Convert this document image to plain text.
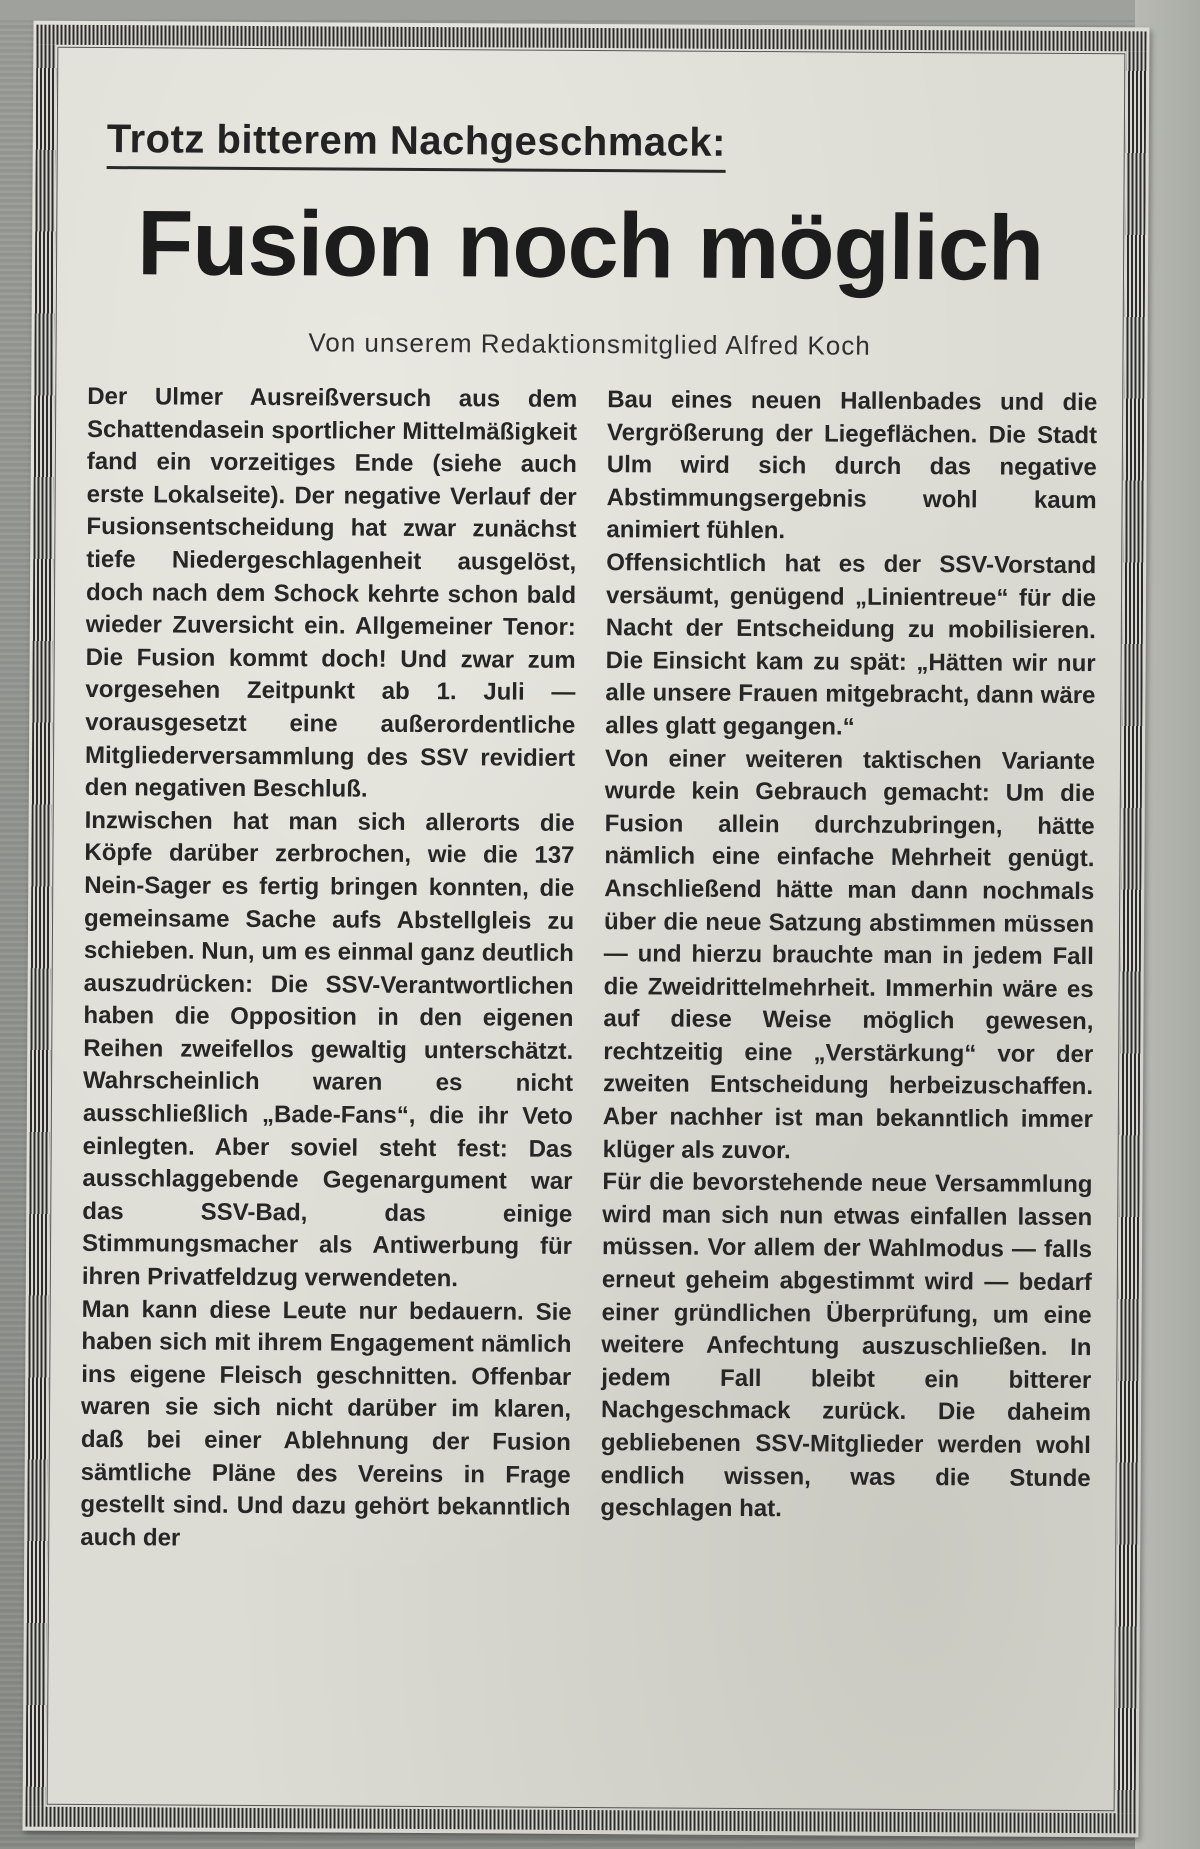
Trotz bitterem Nachgeschmack:
Fusion noch möglich
Von unserem Redaktionsmitglied Alfred Koch

Der Ulmer Ausreißversuch aus dem Schattendasein sportlicher Mittelmäßigkeit fand ein vorzeitiges Ende (siehe auch erste Lokalseite). Der negative Verlauf der Fusionsentscheidung hat zwar zunächst tiefe Niedergeschlagenheit ausgelöst, doch nach dem Schock kehrte schon bald wieder Zuversicht ein. Allgemeiner Tenor: Die Fusion kommt doch! Und zwar zum vorgesehen Zeitpunkt ab 1. Juli — vorausgesetzt eine außerordentliche Mitgliederversammlung des SSV revidiert den negativen Beschluß.

Inzwischen hat man sich allerorts die Köpfe darüber zerbrochen, wie die 137 Nein-Sager es fertig bringen konnten, die gemeinsame Sache aufs Abstellgleis zu schieben. Nun, um es einmal ganz deutlich auszudrücken: Die SSV-Verantwortlichen haben die Opposition in den eigenen Reihen zweifellos gewaltig unterschätzt. Wahrscheinlich waren es nicht ausschließlich „Bade-Fans“, die ihr Veto einlegten. Aber soviel steht fest: Das ausschlaggebende Gegenargument war das SSV-Bad, das einige Stimmungsmacher als Antiwerbung für ihren Privatfeldzug verwendeten.

Man kann diese Leute nur bedauern. Sie haben sich mit ihrem Engagement nämlich ins eigene Fleisch geschnitten. Offenbar waren sie sich nicht darüber im klaren, daß bei einer Ablehnung der Fusion sämtliche Pläne des Vereins in Frage gestellt sind. Und dazu gehört bekanntlich auch der

Bau eines neuen Hallenbades und die Vergrößerung der Liegeflächen. Die Stadt Ulm wird sich durch das negative Abstimmungsergebnis wohl kaum animiert fühlen.

Offensichtlich hat es der SSV-Vorstand versäumt, genügend „Linientreue“ für die Nacht der Entscheidung zu mobilisieren. Die Einsicht kam zu spät: „Hätten wir nur alle unsere Frauen mitgebracht, dann wäre alles glatt gegangen.“

Von einer weiteren taktischen Variante wurde kein Gebrauch gemacht: Um die Fusion allein durchzubringen, hätte nämlich eine einfache Mehrheit genügt. Anschließend hätte man dann nochmals über die neue Satzung abstimmen müssen — und hierzu brauchte man in jedem Fall die Zweidrittelmehrheit. Immerhin wäre es auf diese Weise möglich gewesen, rechtzeitig eine „Verstärkung“ vor der zweiten Entscheidung herbeizuschaffen. Aber nachher ist man bekanntlich immer klüger als zuvor.

Für die bevorstehende neue Versammlung wird man sich nun etwas einfallen lassen müssen. Vor allem der Wahlmodus — falls erneut geheim abgestimmt wird — bedarf einer gründlichen Überprüfung, um eine weitere Anfechtung auszuschließen. In jedem Fall bleibt ein bitterer Nachgeschmack zurück. Die daheim gebliebenen SSV-Mitglieder werden wohl endlich wissen, was die Stunde geschlagen hat.
